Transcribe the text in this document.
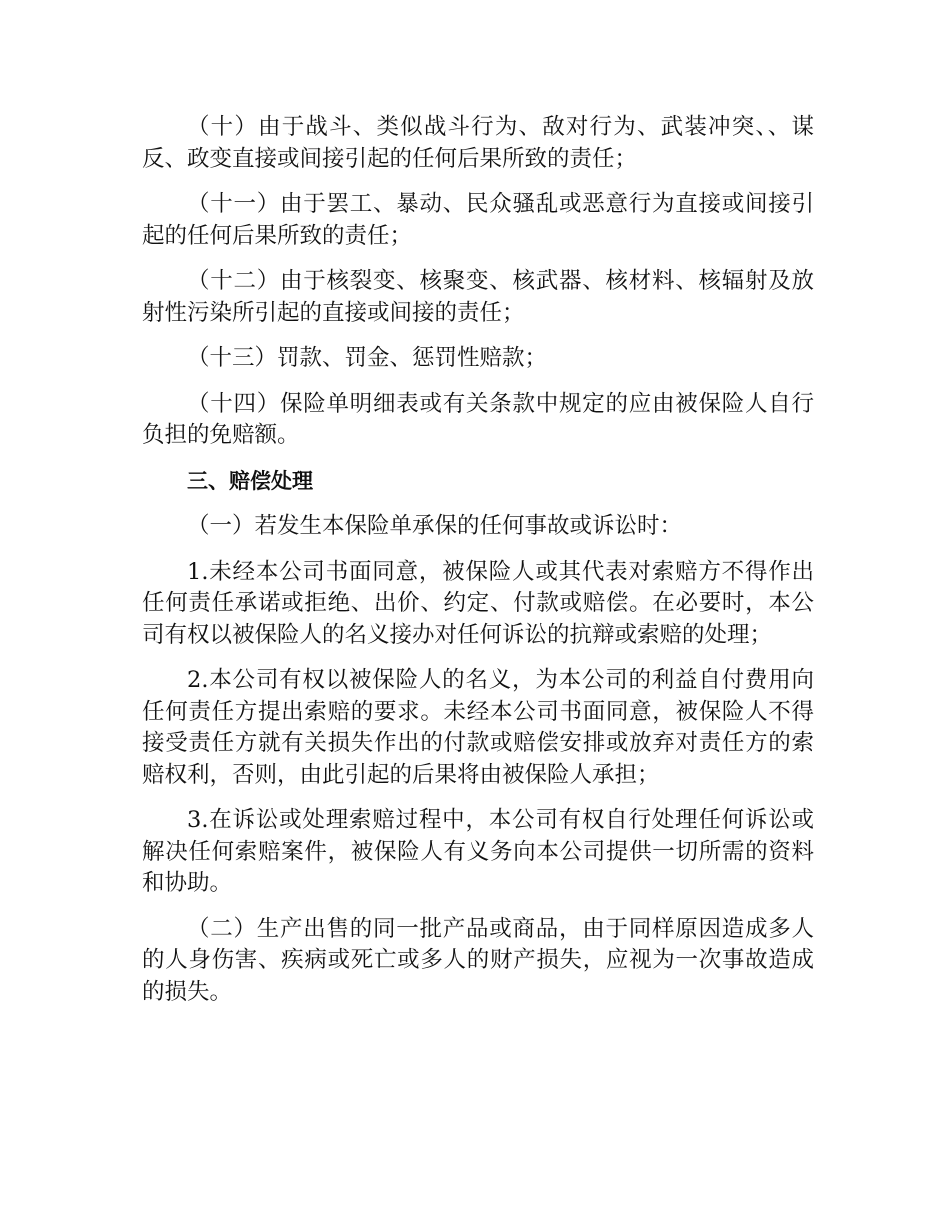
（十）由于战斗、类似战斗行为、敌对行为、武装冲突、、谋反、政变直接或间接引起的任何后果所致的责任；

（十一）由于罢工、暴动、民众骚乱或恶意行为直接或间接引起的任何后果所致的责任；

（十二）由于核裂变、核聚变、核武器、核材料、核辐射及放射性污染所引起的直接或间接的责任；

（十三）罚款、罚金、惩罚性赔款；

（十四）保险单明细表或有关条款中规定的应由被保险人自行负担的免赔额。

三、赔偿处理

（一）若发生本保险单承保的任何事故或诉讼时：

1.未经本公司书面同意，被保险人或其代表对索赔方不得作出任何责任承诺或拒绝、出价、约定、付款或赔偿。在必要时，本公司有权以被保险人的名义接办对任何诉讼的抗辩或索赔的处理；

2.本公司有权以被保险人的名义，为本公司的利益自付费用向任何责任方提出索赔的要求。未经本公司书面同意，被保险人不得接受责任方就有关损失作出的付款或赔偿安排或放弃对责任方的索赔权利，否则，由此引起的后果将由被保险人承担；

3.在诉讼或处理索赔过程中，本公司有权自行处理任何诉讼或解决任何索赔案件，被保险人有义务向本公司提供一切所需的资料和协助。

（二）生产出售的同一批产品或商品，由于同样原因造成多人的人身伤害、疾病或死亡或多人的财产损失，应视为一次事故造成的损失。
